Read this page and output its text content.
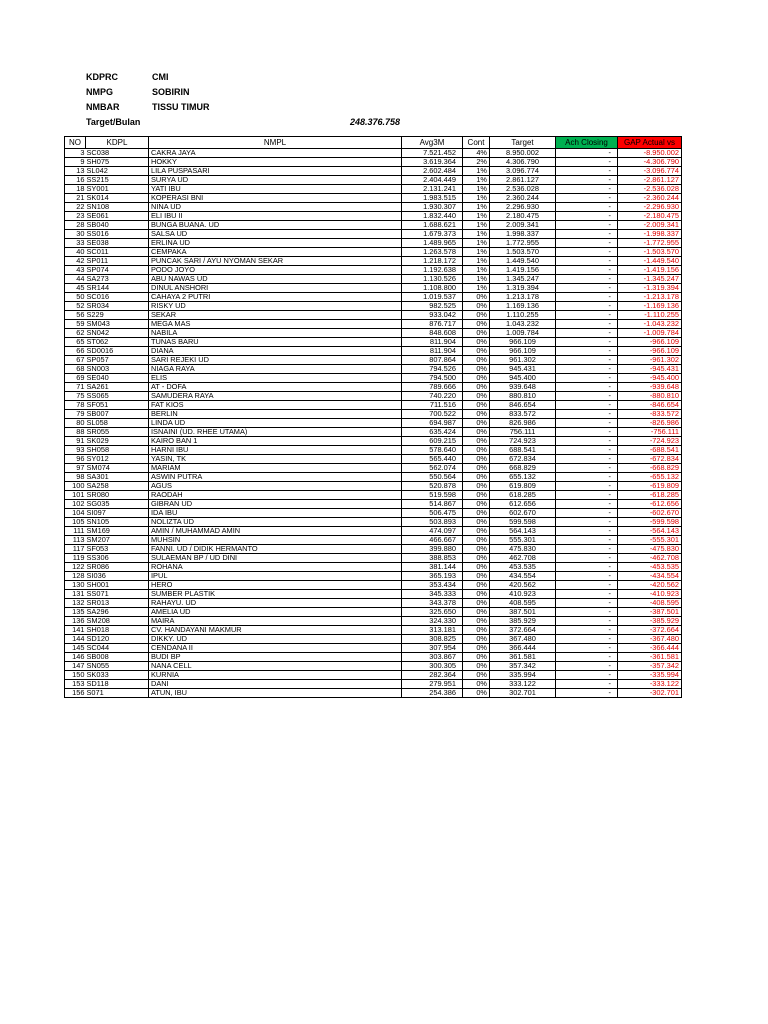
KDPRC	CMI
NMPG	SOBIRIN
NMBAR	TISSU TIMUR
Target/Bulan	248.376.758
NO	KDPL	NMPL	Avg3M	Cont	Target	Ach Closing	GAP Actual vs
3	SC038	CAKRA JAYA	7.521.452	4%	8.950.002	-	-8.950.002
9	SH075	HOKKY	3.619.364	2%	4.306.790	-	-4.306.790
13	SL042	LILA PUSPASARI	2.602.484	1%	3.096.774	-	-3.096.774
16	SS215	SURYA UD	2.404.449	1%	2.861.127	-	-2.861.127
18	SY001	YATI IBU	2.131.241	1%	2.536.028	-	-2.536.028
21	SK014	KOPERASI BNI	1.983.515	1%	2.360.244	-	-2.360.244
22	SN108	NINA UD	1.930.307	1%	2.296.930	-	-2.296.930
23	SE061	ELI IBU II	1.832.440	1%	2.180.475	-	-2.180.475
28	SB040	BUNGA BUANA. UD	1.688.621	1%	2.009.341	-	-2.009.341
30	SS016	SALSA UD	1.679.373	1%	1.998.337	-	-1.998.337
33	SE038	ERLINA UD	1.489.965	1%	1.772.955	-	-1.772.955
40	SC011	CEMPAKA	1.263.578	1%	1.503.570	-	-1.503.570
42	SP011	PUNCAK SARI / AYU NYOMAN SEKAR	1.218.172	1%	1.449.540	-	-1.449.540
43	SP074	PODO JOYO	1.192.638	1%	1.419.156	-	-1.419.156
44	SA273	ABU NAWAS UD	1.130.526	1%	1.345.247	-	-1.345.247
45	SR144	DINUL ANSHORI	1.108.800	1%	1.319.394	-	-1.319.394
50	SC016	CAHAYA 2 PUTRI	1.019.537	0%	1.213.178	-	-1.213.178
52	SR034	RISKY UD	982.525	0%	1.169.136	-	-1.169.136
56	S229	SEKAR	933.042	0%	1.110.255	-	-1.110.255
59	SM043	MEGA MAS	876.717	0%	1.043.232	-	-1.043.232
62	SN042	NABILA	848.608	0%	1.009.784	-	-1.009.784
65	ST062	TUNAS BARU	811.904	0%	966.109	-	-966.109
66	SD0016	DIANA	811.904	0%	966.109	-	-966.109
67	SP057	SARI REJEKI UD	807.864	0%	961.302	-	-961.302
68	SN003	NIAGA RAYA	794.526	0%	945.431	-	-945.431
69	SE040	ELIS	794.500	0%	945.400	-	-945.400
71	SA261	AT - DOFA	789.666	0%	939.648	-	-939.648
75	SS065	SAMUDERA RAYA	740.220	0%	880.810	-	-880.810
78	SF051	FAT KIOS	711.516	0%	846.654	-	-846.654
79	SB007	BERLIN	700.522	0%	833.572	-	-833.572
80	SL058	LINDA UD	694.987	0%	826.986	-	-826.986
88	SR055	ISNAINI (UD. RHEE UTAMA)	635.424	0%	756.111	-	-756.111
91	SK029	KAIRO BAN 1	609.215	0%	724.923	-	-724.923
93	SH058	HARNI IBU	578.640	0%	688.541	-	-688.541
96	SY012	YASIN, TK	565.440	0%	672.834	-	-672.834
97	SM074	MARIAM	562.074	0%	668.829	-	-668.829
98	SA301	ASWIN PUTRA	550.564	0%	655.132	-	-655.132
100	SA258	AGUS	520.878	0%	619.809	-	-619.809
101	SR080	RAODAH	519.598	0%	618.285	-	-618.285
102	SG035	GIBRAN UD	514.867	0%	612.656	-	-612.656
104	SI097	IDA IBU	506.475	0%	602.670	-	-602.670
105	SN105	NOLIZTA UD	503.893	0%	599.598	-	-599.598
111	SM169	AMIN / MUHAMMAD AMIN	474.097	0%	564.143	-	-564.143
113	SM207	MUHSIN	466.667	0%	555.301	-	-555.301
117	SF053	FANNI. UD / DIDIK HERMANTO	399.880	0%	475.830	-	-475.830
119	SS306	SULAEMAN BP / UD DINI	388.853	0%	462.708	-	-462.708
122	SR086	ROHANA	381.144	0%	453.535	-	-453.535
128	SI036	IPUL	365.193	0%	434.554	-	-434.554
130	SH001	HERO	353.434	0%	420.562	-	-420.562
131	SS071	SUMBER PLASTIK	345.333	0%	410.923	-	-410.923
132	SR013	RAHAYU. UD	343.378	0%	408.595	-	-408.595
135	SA296	AMELIA UD	325.650	0%	387.501	-	-387.501
136	SM208	MAIRA	324.330	0%	385.929	-	-385.929
141	SH018	CV. HANDAYANI MAKMUR	313.181	0%	372.664	-	-372.664
144	SD120	DIKKY. UD	308.825	0%	367.480	-	-367.480
145	SC044	CENDANA II	307.954	0%	366.444	-	-366.444
146	SB008	BUDI BP	303.867	0%	361.581	-	-361.581
147	SN055	NANA CELL	300.305	0%	357.342	-	-357.342
150	SK033	KURNIA	282.364	0%	335.994	-	-335.994
153	SD118	DANI	279.951	0%	333.122	-	-333.122
156	S071	ATUN, IBU	254.386	0%	302.701	-	-302.701
